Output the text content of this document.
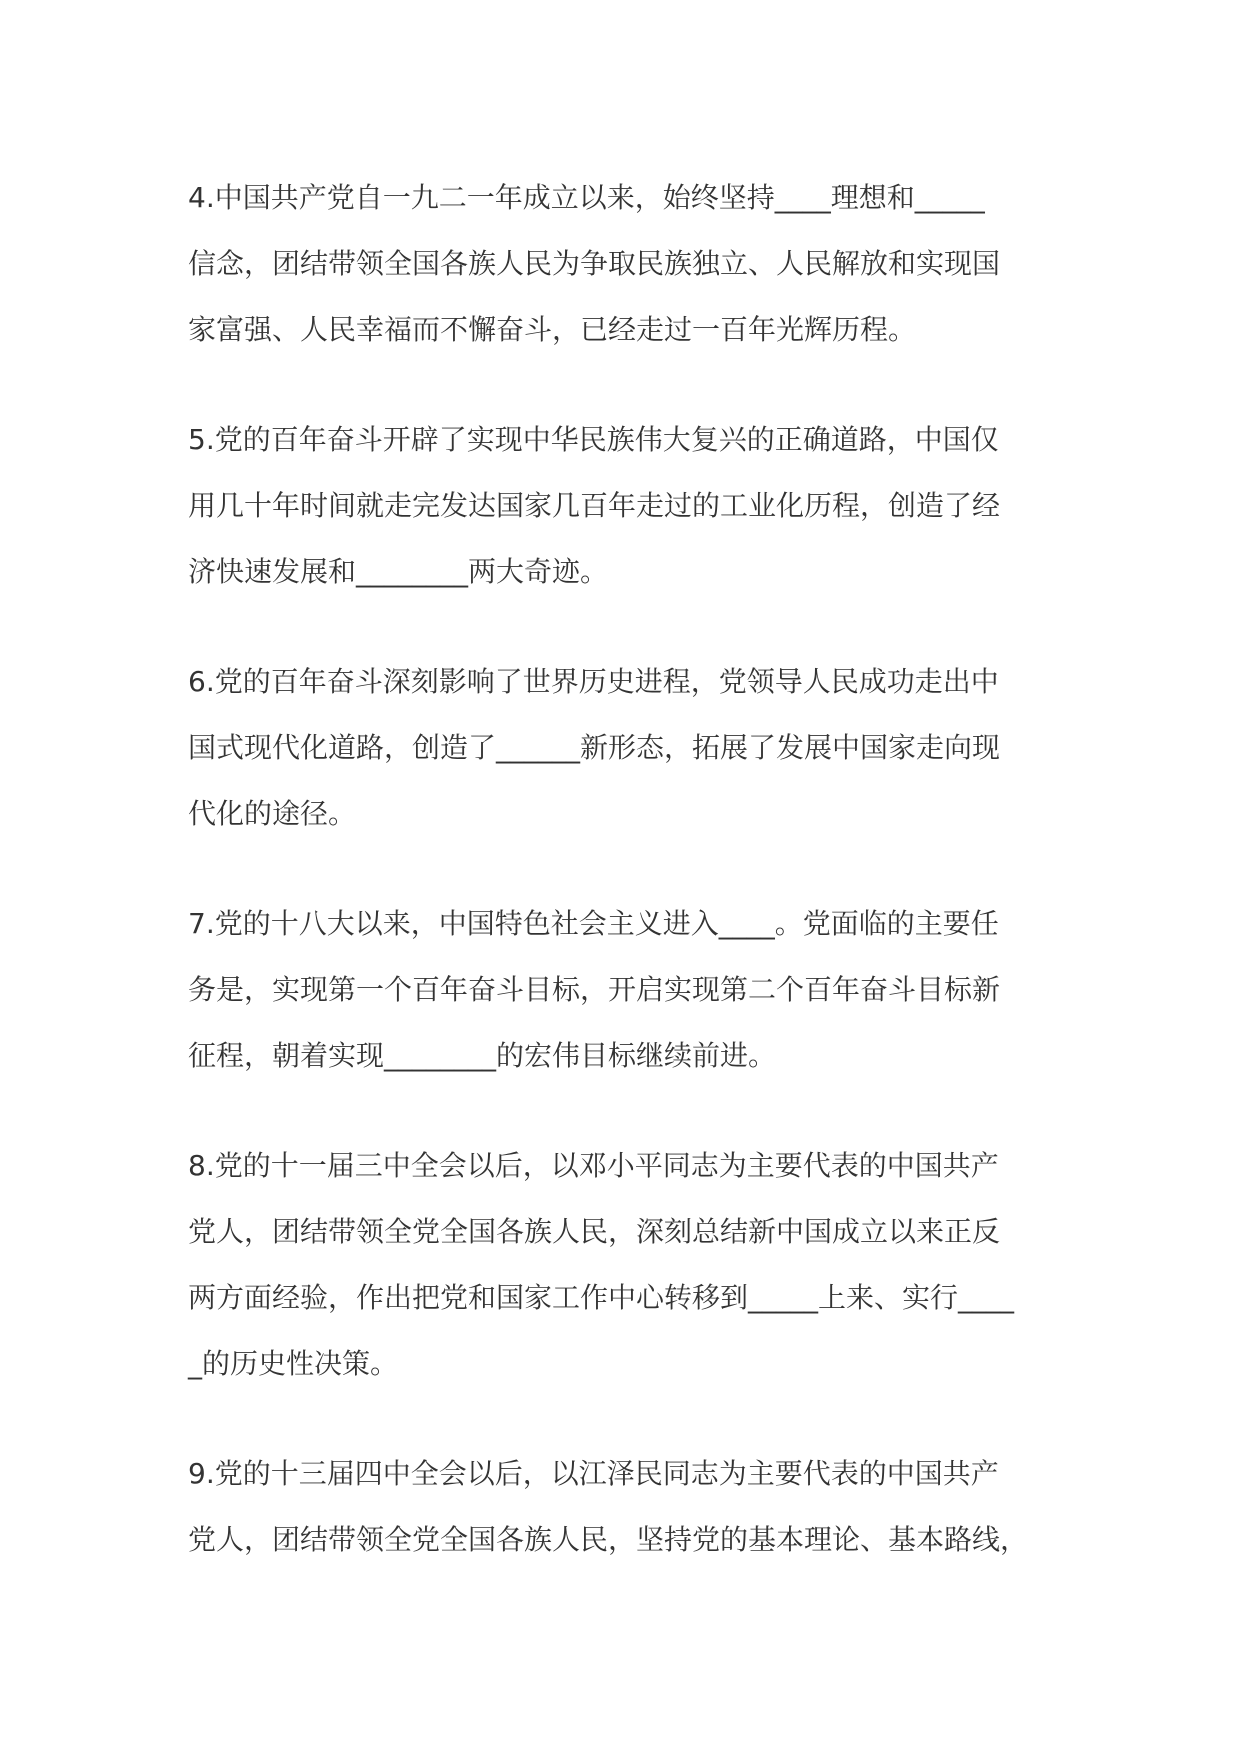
4.中国共产党自一九二一年成立以来，始终坚持____理想和_____
信念，团结带领全国各族人民为争取民族独立、人民解放和实现国
家富强、人民幸福而不懈奋斗，已经走过一百年光辉历程。
5.党的百年奋斗开辟了实现中华民族伟大复兴的正确道路，中国仅
用几十年时间就走完发达国家几百年走过的工业化历程，创造了经
济快速发展和________两大奇迹。
6.党的百年奋斗深刻影响了世界历史进程，党领导人民成功走出中
国式现代化道路，创造了______新形态，拓展了发展中国家走向现
代化的途径。
7.党的十八大以来，中国特色社会主义进入____。党面临的主要任
务是，实现第一个百年奋斗目标，开启实现第二个百年奋斗目标新
征程，朝着实现________的宏伟目标继续前进。
8.党的十一届三中全会以后，以邓小平同志为主要代表的中国共产
党人，团结带领全党全国各族人民，深刻总结新中国成立以来正反
两方面经验，作出把党和国家工作中心转移到_____上来、实行____
_的历史性决策。
9.党的十三届四中全会以后，以江泽民同志为主要代表的中国共产
党人，团结带领全党全国各族人民，坚持党的基本理论、基本路线，
